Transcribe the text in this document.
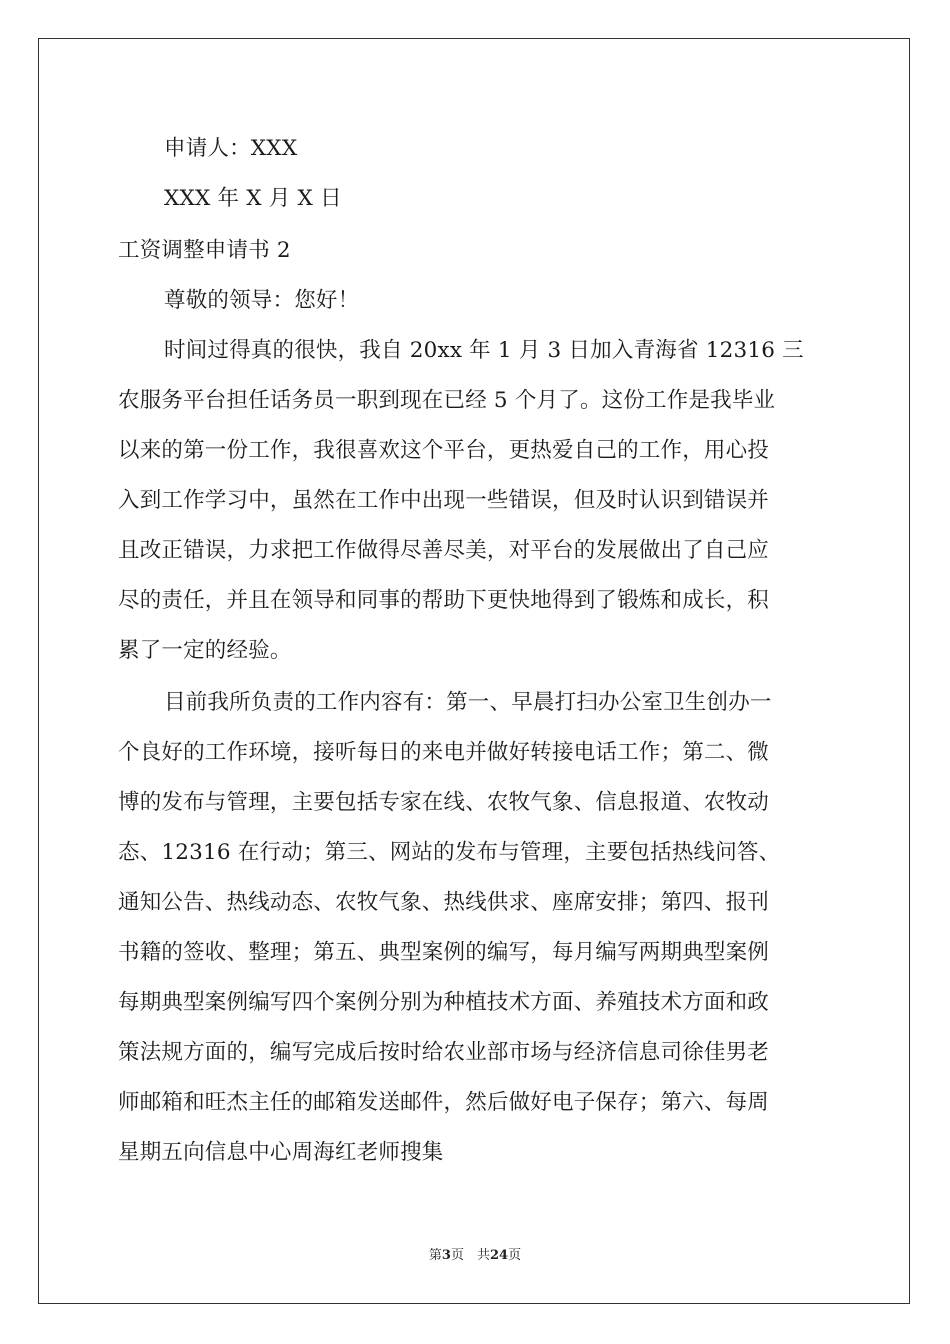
申请人：XXX
XXX 年 X 月 X 日
工资调整申请书 2
尊敬的领导：您好！
时间过得真的很快，我自 20xx 年 1 月 3 日加入青海省 12316 三
农服务平台担任话务员一职到现在已经 5 个月了。这份工作是我毕业
以来的第一份工作，我很喜欢这个平台，更热爱自己的工作，用心投
入到工作学习中，虽然在工作中出现一些错误，但及时认识到错误并
且改正错误，力求把工作做得尽善尽美，对平台的发展做出了自己应
尽的责任，并且在领导和同事的帮助下更快地得到了锻炼和成长，积
累了一定的经验。
目前我所负责的工作内容有：第一、早晨打扫办公室卫生创办一
个良好的工作环境，接听每日的来电并做好转接电话工作；第二、微
博的发布与管理，主要包括专家在线、农牧气象、信息报道、农牧动
态、12316 在行动；第三、网站的发布与管理，主要包括热线问答、
通知公告、热线动态、农牧气象、热线供求、座席安排；第四、报刊
书籍的签收、整理；第五、典型案例的编写，每月编写两期典型案例
每期典型案例编写四个案例分别为种植技术方面、养殖技术方面和政
策法规方面的，编写完成后按时给农业部市场与经济信息司徐佳男老
师邮箱和旺杰主任的邮箱发送邮件，然后做好电子保存；第六、每周
星期五向信息中心周海红老师搜集
第3页　共24页
